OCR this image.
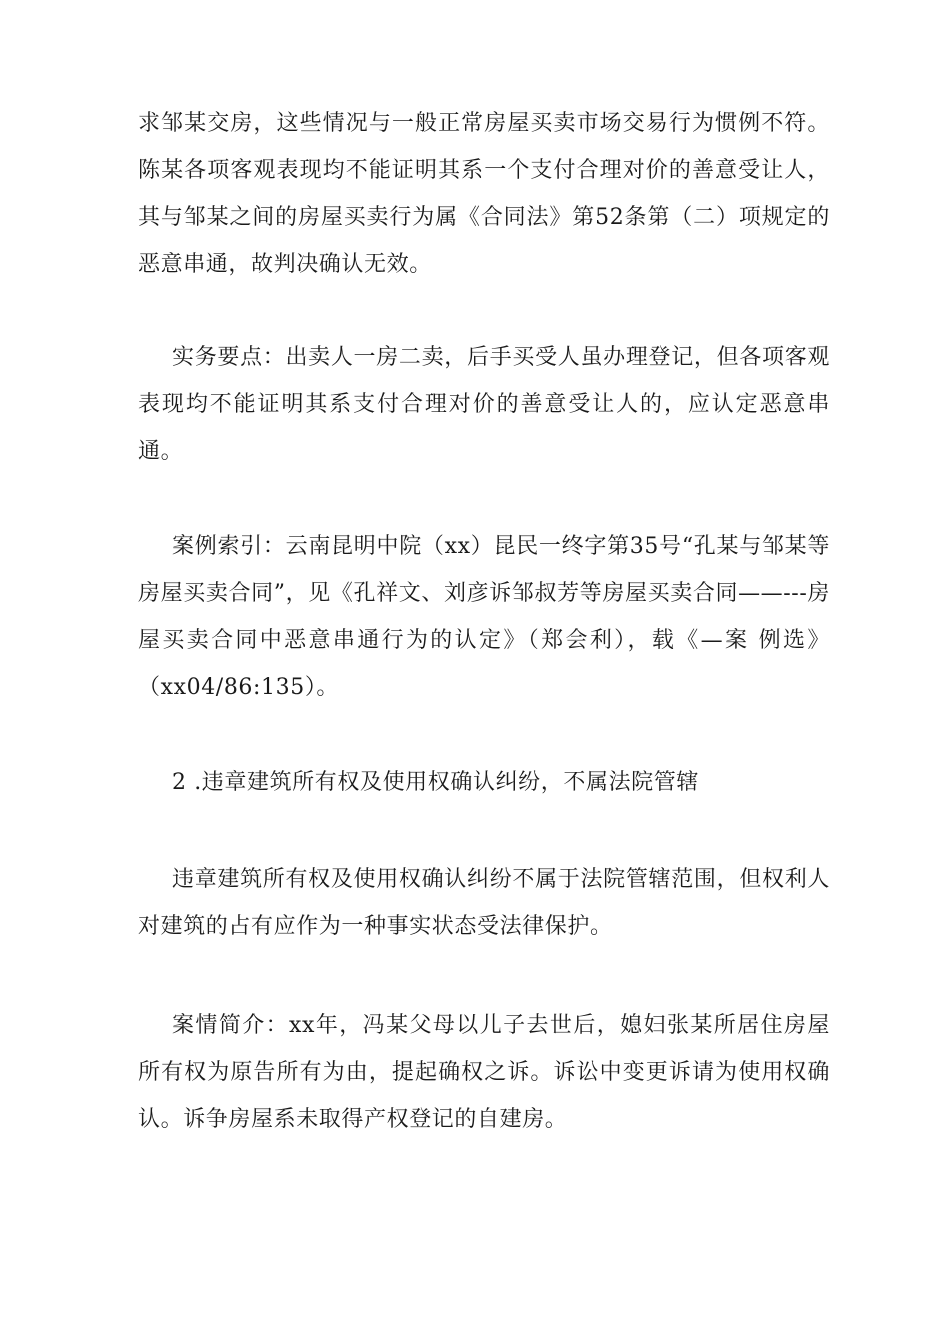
求邹某交房，这些情况与一般正常房屋买卖市场交易行为惯例不符。陈某各项客观表现均不能证明其系一个支付合理对价的善意受让人，其与邹某之间的房屋买卖行为属《合同法》第52条第（二）项规定的恶意串通，故判决确认无效。

实务要点：出卖人一房二卖，后手买受人虽办理登记，但各项客观表现均不能证明其系支付合理对价的善意受让人的，应认定恶意串通。

案例索引：云南昆明中院（xx）昆民一终字第35号“孔某与邹某等房屋买卖合同”，见《孔祥文、刘彦诉邹叔芳等房屋买卖合同——---房屋买卖合同中恶意串通行为的认定》（郑会利），载《—案 例选》（xx04/86:135）。

2 .违章建筑所有权及使用权确认纠纷，不属法院管辖

违章建筑所有权及使用权确认纠纷不属于法院管辖范围，但权利人对建筑的占有应作为一种事实状态受法律保护。

案情简介：xx年，冯某父母以儿子去世后，媳妇张某所居住房屋所有权为原告所有为由，提起确权之诉。诉讼中变更诉请为使用权确认。诉争房屋系未取得产权登记的自建房。
